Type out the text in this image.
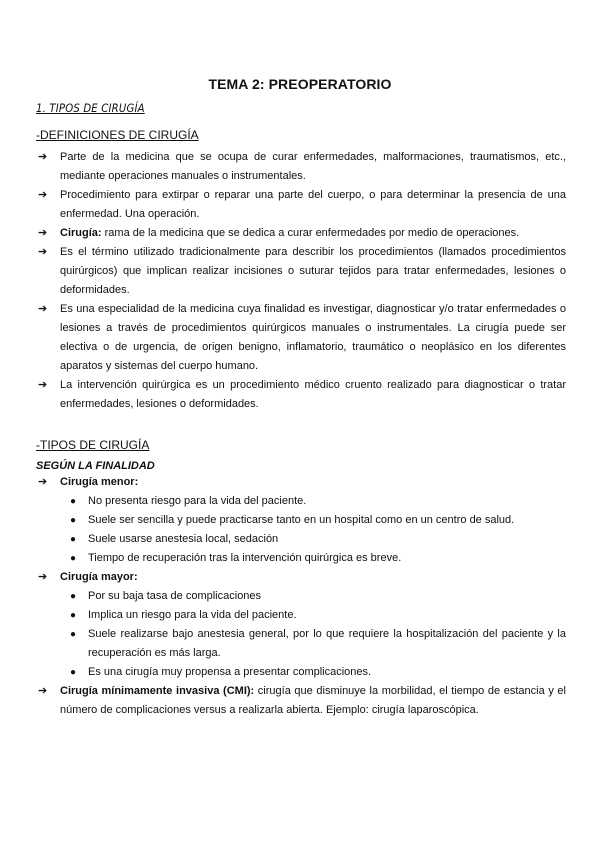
TEMA 2: PREOPERATORIO
1. TIPOS DE CIRUGÍA
-DEFINICIONES DE CIRUGÍA
➔	Parte de la medicina que se ocupa de curar enfermedades, malformaciones, traumatismos, etc., mediante operaciones manuales o instrumentales.
➔	Procedimiento para extirpar o reparar una parte del cuerpo, o para determinar la presencia de una enfermedad. Una operación.
➔	Cirugía: rama de la medicina que se dedica a curar enfermedades por medio de operaciones.
➔	Es el término utilizado tradicionalmente para describir los procedimientos (llamados procedimientos quirúrgicos) que implican realizar incisiones o suturar tejidos para tratar enfermedades, lesiones o deformidades.
➔	Es una especialidad de la medicina cuya finalidad es investigar, diagnosticar y/o tratar enfermedades o lesiones a través de procedimientos quirúrgicos manuales o instrumentales. La cirugía puede ser electiva o de urgencia, de origen benigno, inflamatorio, traumático o neoplásico en los diferentes aparatos y sistemas del cuerpo humano.
➔	La intervención quirúrgica es un procedimiento médico cruento realizado para diagnosticar o tratar enfermedades, lesiones o deformidades.
-TIPOS DE CIRUGÍA
SEGÚN LA FINALIDAD
➔	Cirugía menor:
● No presenta riesgo para la vida del paciente.
● Suele ser sencilla y puede practicarse tanto en un hospital como en un centro de salud.
● Suele usarse anestesia local, sedación
● Tiempo de recuperación tras la intervención quirúrgica es breve.
➔	Cirugía mayor:
● Por su baja tasa de complicaciones
● Implica un riesgo para la vida del paciente.
● Suele realizarse bajo anestesia general, por lo que requiere la hospitalización del paciente y la recuperación es más larga.
● Es una cirugía muy propensa a presentar complicaciones.
➔	Cirugía mínimamente invasiva (CMI): cirugía que disminuye la morbilidad, el tiempo de estancia y el número de complicaciones versus a realizarla abierta. Ejemplo: cirugía laparoscópica.
